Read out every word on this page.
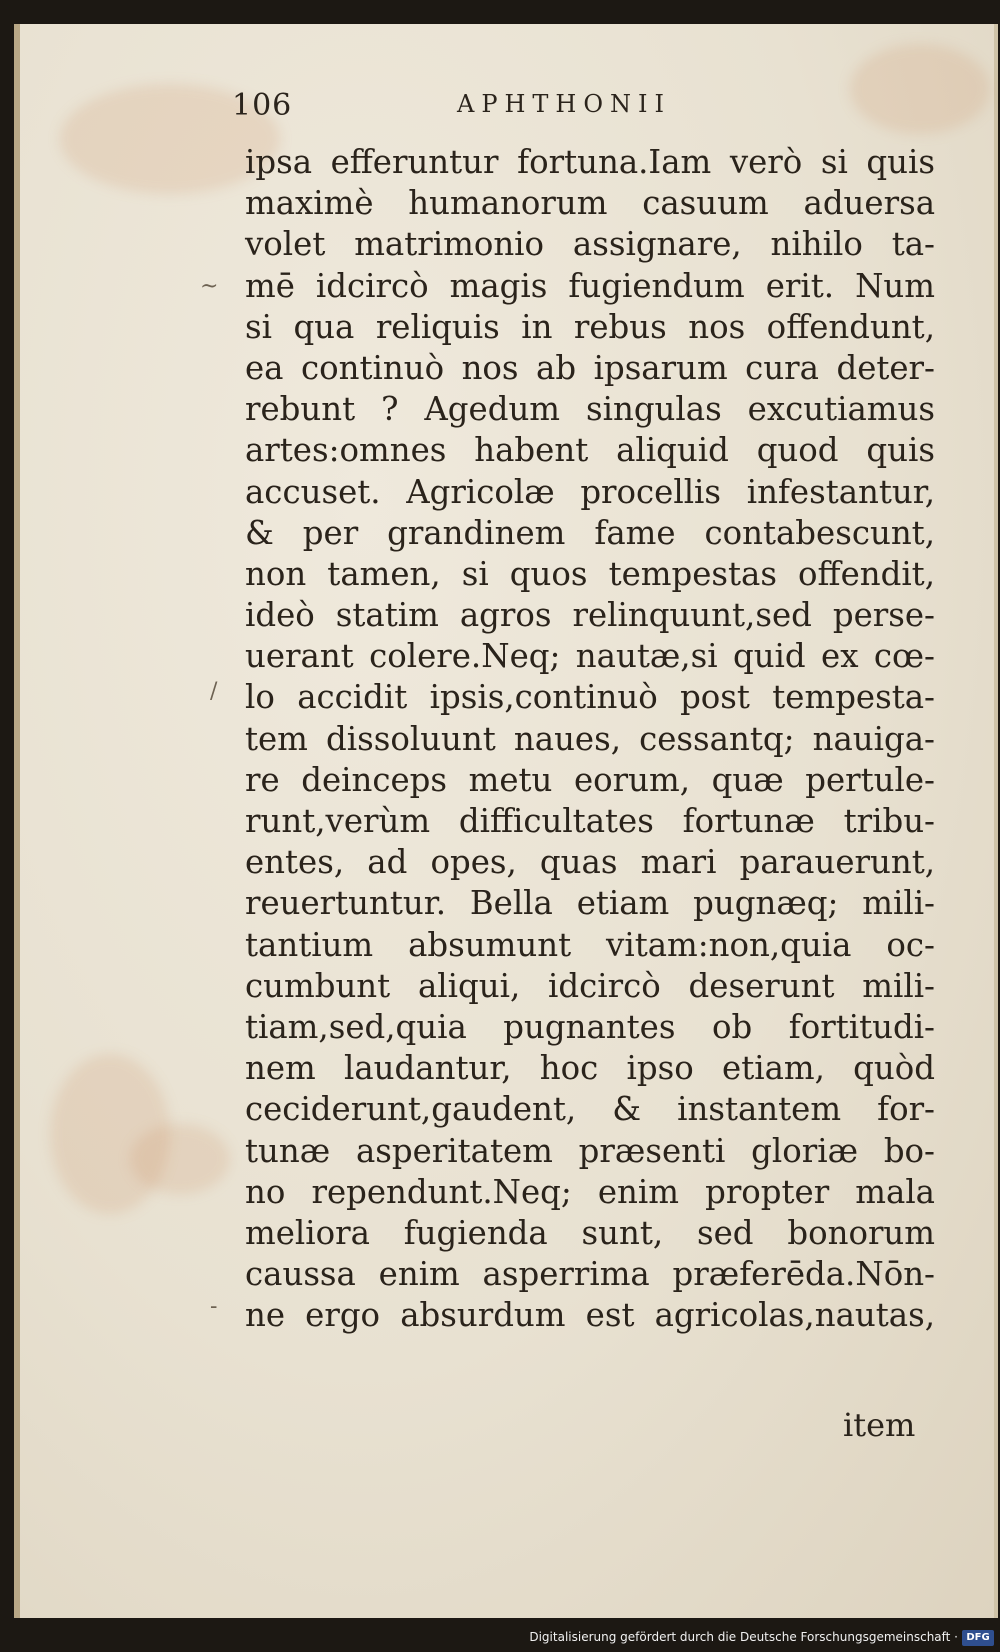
~
/
-
106	APHTHONII
ipsa efferuntur fortuna.Iam verò si quis
maximè humanorum casuum aduersa
volet matrimonio assignare, nihilo ta-
mē idcircò magis fugiendum erit. Num
si qua reliquis in rebus nos offendunt,
ea continuò nos ab ipsarum cura deter-
rebunt ? Agedum singulas excutiamus
artes:omnes habent aliquid quod quis
accuset. Agricolæ procellis infestantur,
& per grandinem fame contabescunt,
non tamen, si quos tempestas offendit,
ideò statim agros relinquunt,sed perse-
uerant colere.Neq; nautæ,si quid ex cœ-
lo accidit ipsis,continuò post tempesta-
tem dissoluunt naues, cessantq; nauiga-
re deinceps metu eorum, quæ pertule-
runt,verùm difficultates fortunæ tribu-
entes, ad opes, quas mari parauerunt,
reuertuntur. Bella etiam pugnæq; mili-
tantium absumunt vitam:non,quia oc-
cumbunt aliqui, idcircò deserunt mili-
tiam,sed,quia pugnantes ob fortitudi-
nem laudantur, hoc ipso etiam, quòd
ceciderunt,gaudent, & instantem for-
tunæ asperitatem præsenti gloriæ bo-
no rependunt.Neq; enim propter mala
meliora fugienda sunt, sed bonorum
caussa enim asperrima præferēda.Nōn-
ne ergo absurdum est agricolas,nautas,
item
Digitalisierung gefördert durch die Deutsche Forschungsgemeinschaft · DFG
